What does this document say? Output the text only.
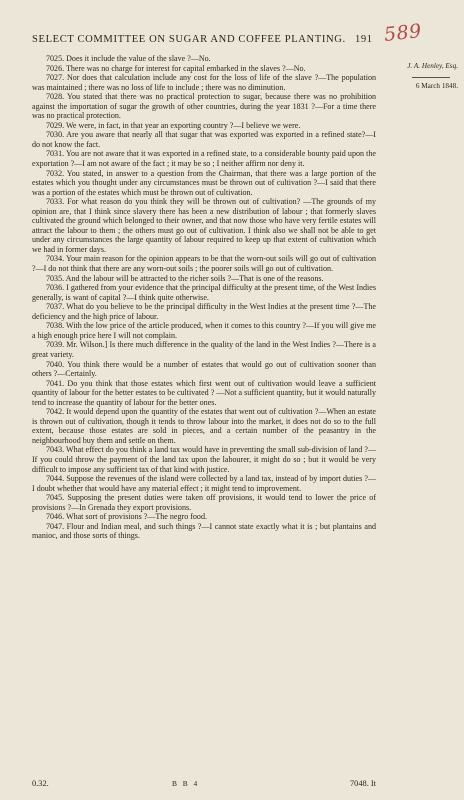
SELECT COMMITTEE ON SUGAR AND COFFEE PLANTING. 191 589
J. A. Henley, Esq.
6 March 1848.

7025. Does it include the value of the slave ?—No.

7026. There was no charge for interest for capital embarked in the slaves ?—No.

7027. Nor does that calculation include any cost for the loss of life of the slave ?—The population was maintained ; there was no loss of life to include ; there was no diminution.

7028. You stated that there was no practical protection to sugar, because there was no prohibition against the importation of sugar the growth of other countries, during the year 1831 ?—For a time there was no practical protection.

7029. We were, in fact, in that year an exporting country ?—I believe we were.

7030. Are you aware that nearly all that sugar that was exported was exported in a refined state?—I do not know the fact.

7031. You are not aware that it was exported in a refined state, to a considerable bounty paid upon the exportation ?—I am not aware of the fact ; it may be so ; I neither affirm nor deny it.

7032. You stated, in answer to a question from the Chairman, that there was a large portion of the estates which you thought under any circumstances must be thrown out of cultivation ?—I said that there was a portion of the estates which must be thrown out of cultivation.

7033. For what reason do you think they will be thrown out of cultivation? —The grounds of my opinion are, that I think since slavery there has been a new distribution of labour ; that formerly slaves cultivated the ground which belonged to their owner, and that now those who have very fertile estates will attract the labour to them ; the others must go out of cultivation. I think also we shall not be able to get under any circumstances the large quantity of labour required to keep up that extent of cultivation which we had in former days.

7034. Your main reason for the opinion appears to be that the worn-out soils will go out of cultivation ?—I do not think that there are any worn-out soils ; the poorer soils will go out of cultivation.

7035. And the labour will be attracted to the richer soils ?—That is one of the reasons.

7036. I gathered from your evidence that the principal difficulty at the present time, of the West Indies generally, is want of capital ?—I think quite otherwise.

7037. What do you believe to be the principal difficulty in the West Indies at the present time ?—The deficiency and the high price of labour.

7038. With the low price of the article produced, when it comes to this country ?—If you will give me a high enough price here I will not complain.

7039. Mr. Wilson.] Is there much difference in the quality of the land in the West Indies ?—There is a great variety.

7040. You think there would be a number of estates that would go out of cultivation sooner than others ?—Certainly.

7041. Do you think that those estates which first went out of cultivation would leave a sufficient quantity of labour for the better estates to be cultivated ? —Not a sufficient quantity, but it would naturally tend to increase the quantity of labour for the better ones.

7042. It would depend upon the quantity of the estates that went out of cultivation ?—When an estate is thrown out of cultivation, though it tends to throw labour into the market, it does not do so to the full extent, because those estates are sold in pieces, and a certain number of the peasantry in the neighbourhood buy them and settle on them.

7043. What effect do you think a land tax would have in preventing the small sub-division of land ?—If you could throw the payment of the land tax upon the labourer, it might do so ; but it would be very difficult to impose any sufficient tax of that kind with justice.

7044. Suppose the revenues of the island were collected by a land tax, instead of by import duties ?—I doubt whether that would have any material effect ; it might tend to improvement.

7045. Supposing the present duties were taken off provisions, it would tend to lower the price of provisions ?—In Grenada they export provisions.

7046. What sort of provisions ?—The negro food.

7047. Flour and Indian meal, and such things ?—I cannot state exactly what it is ; but plantains and manioc, and those sorts of things.

0.32.	B B 4	7048. It
